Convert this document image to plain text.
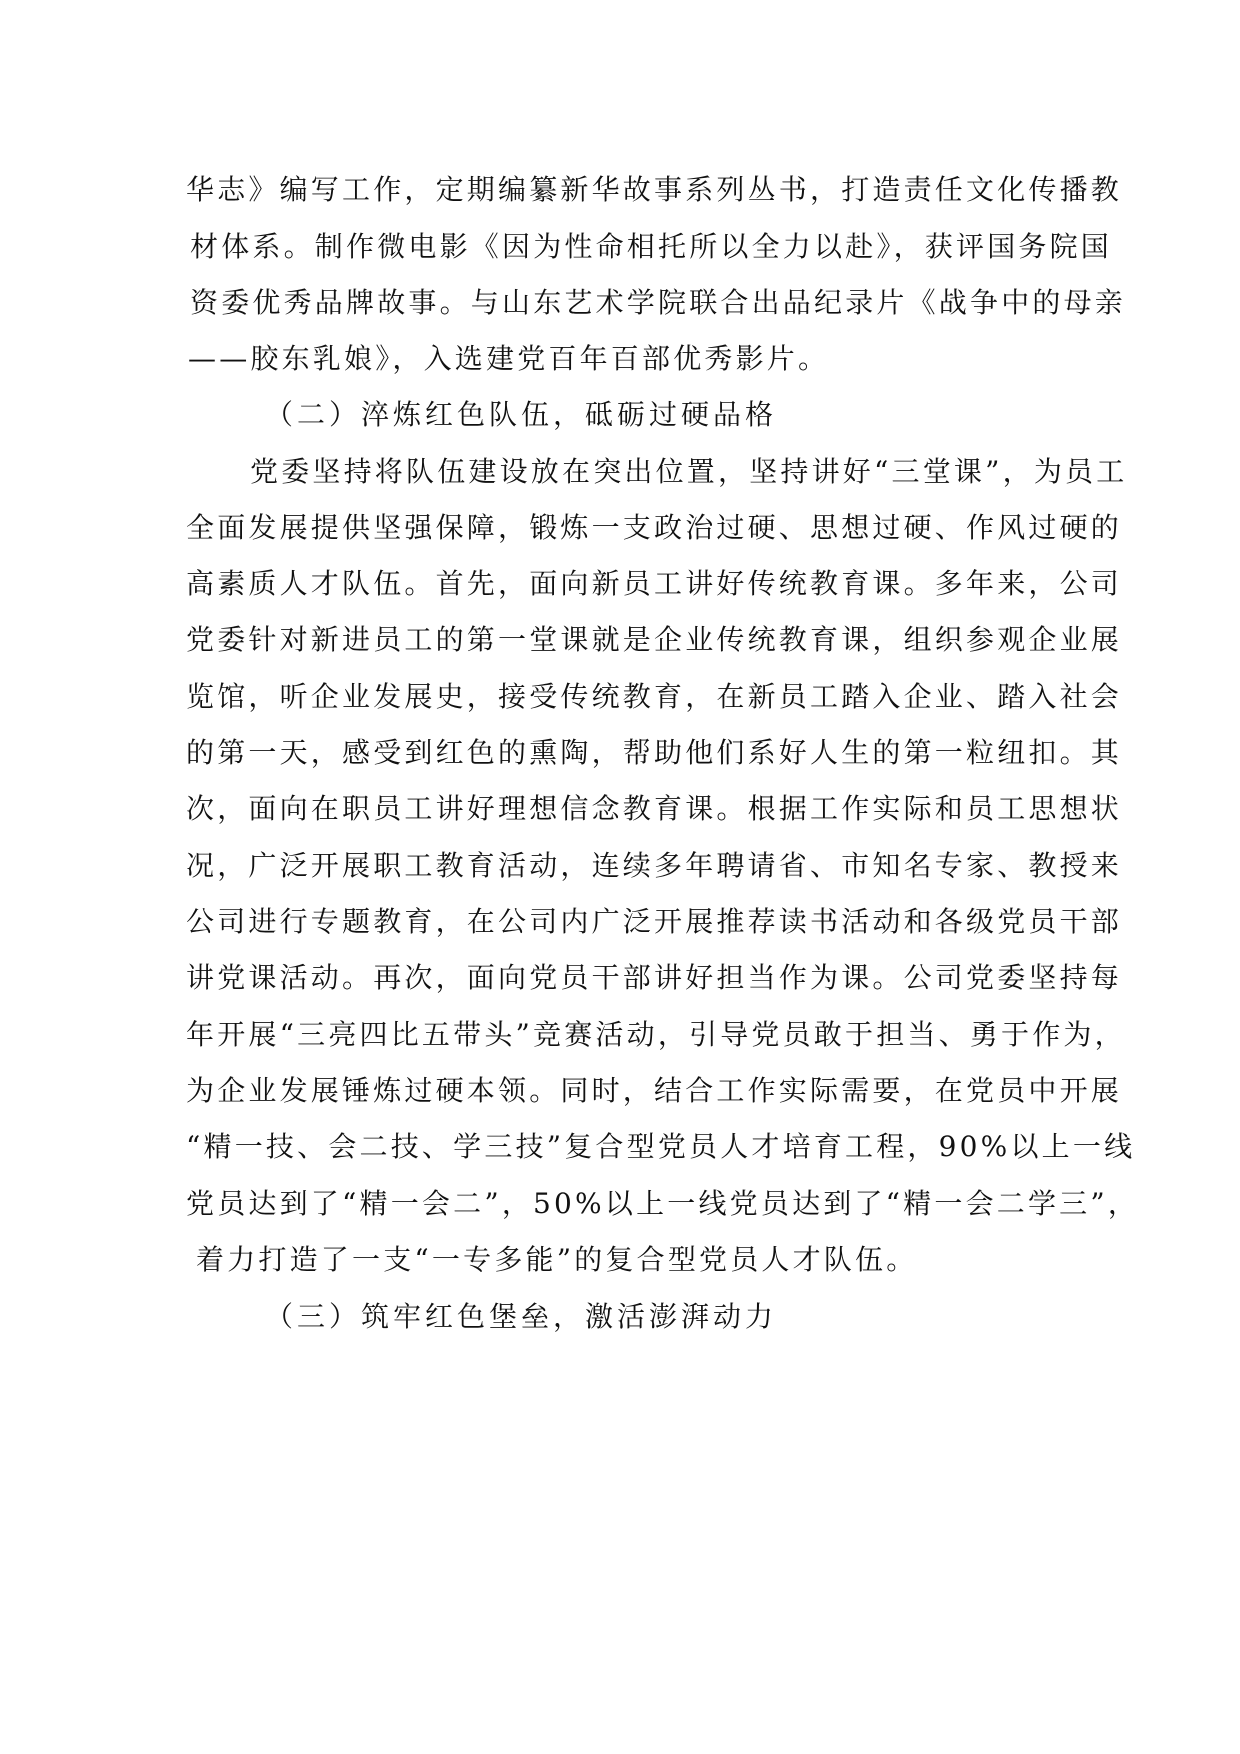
华志》编写工作，定期编纂新华故事系列丛书，打造责任文化传播教
材体系。制作微电影《因为性命相托所以全力以赴》，获评国务院国
资委优秀品牌故事。与山东艺术学院联合出品纪录片《战争中的母亲
——胶东乳娘》，入选建党百年百部优秀影片。
（二）淬炼红色队伍，砥砺过硬品格
党委坚持将队伍建设放在突出位置，坚持讲好“三堂课”，为员工
全面发展提供坚强保障，锻炼一支政治过硬、思想过硬、作风过硬的
高素质人才队伍。首先，面向新员工讲好传统教育课。多年来，公司
党委针对新进员工的第一堂课就是企业传统教育课，组织参观企业展
览馆，听企业发展史，接受传统教育，在新员工踏入企业、踏入社会
的第一天，感受到红色的熏陶，帮助他们系好人生的第一粒纽扣。其
次，面向在职员工讲好理想信念教育课。根据工作实际和员工思想状
况，广泛开展职工教育活动，连续多年聘请省、市知名专家、教授来
公司进行专题教育，在公司内广泛开展推荐读书活动和各级党员干部
讲党课活动。再次，面向党员干部讲好担当作为课。公司党委坚持每
年开展“三亮四比五带头”竞赛活动，引导党员敢于担当、勇于作为，
为企业发展锤炼过硬本领。同时，结合工作实际需要，在党员中开展
“精一技、会二技、学三技”复合型党员人才培育工程，90%以上一线
党员达到了“精一会二”，50%以上一线党员达到了“精一会二学三”，
着力打造了一支“一专多能”的复合型党员人才队伍。
（三）筑牢红色堡垒，激活澎湃动力
